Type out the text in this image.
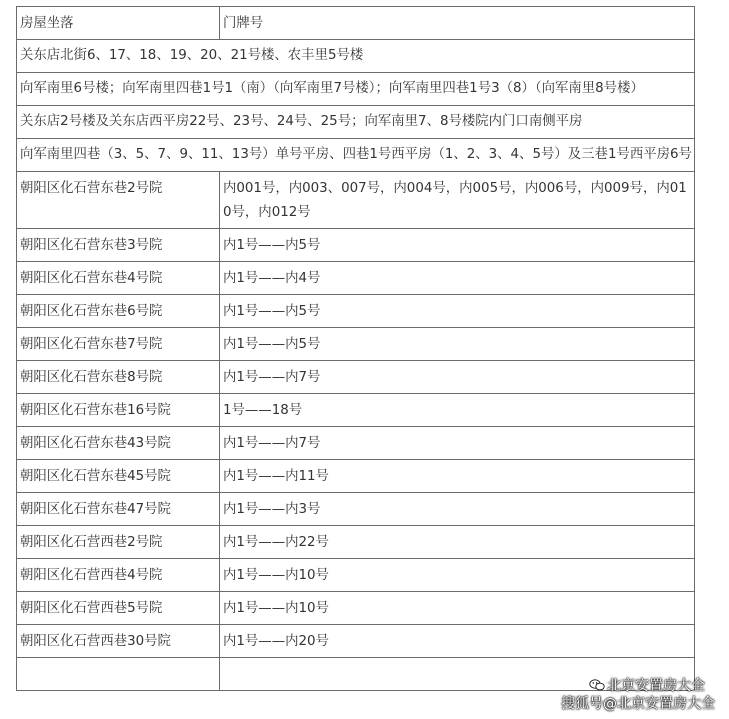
房屋坐落	门牌号
关东店北街6、17、18、19、20、21号楼、农丰里5号楼	
向军南里6号楼；向军南里四巷1号1（南）（向军南里7号楼）；向军南里四巷1号3（8）（向军南里8号楼）	
关东店2号楼及关东店西平房22号、23号、24号、25号；向军南里7、8号楼院内门口南侧平房	
向军南里四巷（3、5、7、9、11、13号）单号平房、四巷1号西平房（1、2、3、4、5号）及三巷1号西平房6号	
朝阳区化石营东巷2号院	内001号，内003、007号，内004号，内005号，内006号，内009号，内010号，内012号
朝阳区化石营东巷3号院	内1号——内5号
朝阳区化石营东巷4号院	内1号——内4号
朝阳区化石营东巷6号院	内1号——内5号
朝阳区化石营东巷7号院	内1号——内5号
朝阳区化石营东巷8号院	内1号——内7号
朝阳区化石营东巷16号院	1号——18号
朝阳区化石营东巷43号院	内1号——内7号
朝阳区化石营东巷45号院	内1号——内11号
朝阳区化石营东巷47号院	内1号——内3号
朝阳区化石营西巷2号院	内1号——内22号
朝阳区化石营西巷4号院	内1号——内10号
朝阳区化石营西巷5号院	内1号——内10号
朝阳区化石营西巷30号院	内1号——内20号

北京安置房大全
搜狐号@北京安置房大全
